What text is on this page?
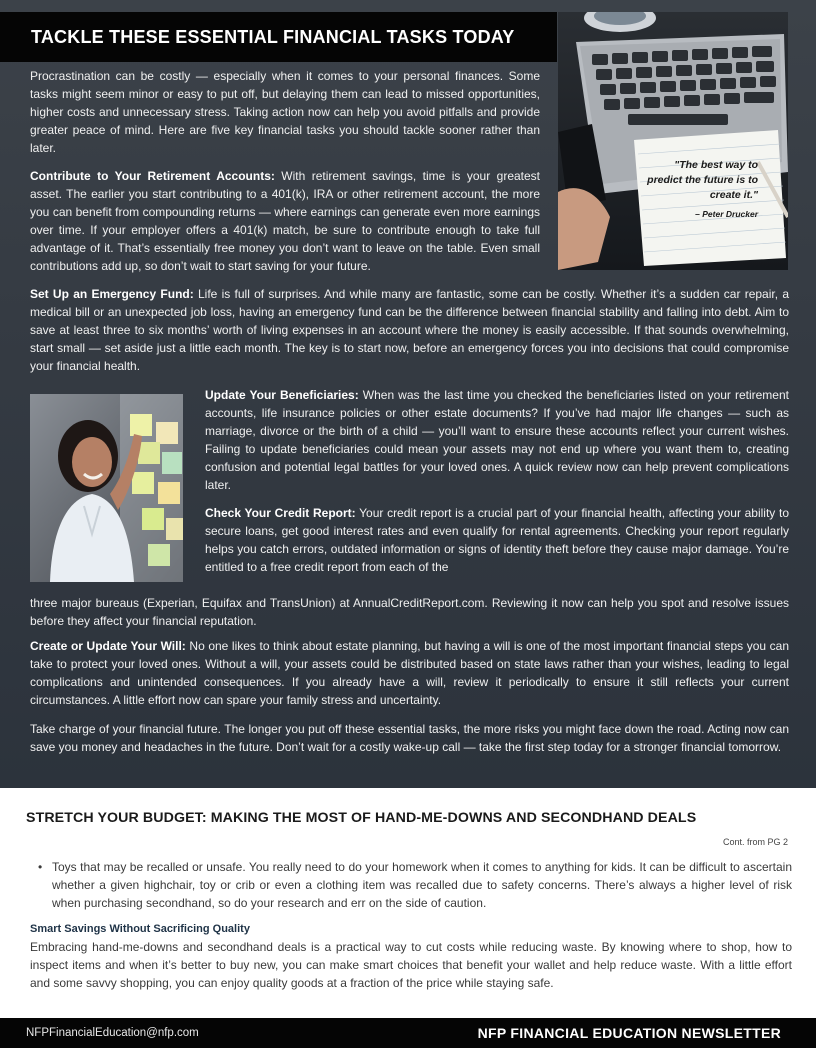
TACKLE THESE ESSENTIAL FINANCIAL TASKS TODAY
"The best way to predict the future is to create it."
– Peter Drucker

Procrastination can be costly — especially when it comes to your personal finances. Some tasks might seem minor or easy to put off, but delaying them can lead to missed opportunities, higher costs and unnecessary stress. Taking action now can help you avoid pitfalls and provide greater peace of mind. Here are five key financial tasks you should tackle sooner rather than later.

Contribute to Your Retirement Accounts: With retirement savings, time is your greatest asset. The earlier you start contributing to a 401(k), IRA or other retirement account, the more you can benefit from compounding returns — where earnings can generate even more earnings over time. If your employer offers a 401(k) match, be sure to contribute enough to take full advantage of it. That’s essentially free money you don’t want to leave on the table. Even small contributions add up, so don’t wait to start saving for your future.

Set Up an Emergency Fund: Life is full of surprises. And while many are fantastic, some can be costly. Whether it’s a sudden car repair, a medical bill or an unexpected job loss, having an emergency fund can be the difference between financial stability and falling into debt. Aim to save at least three to six months’ worth of living expenses in an account where the money is easily accessible. If that sounds overwhelming, start small — set aside just a little each month. The key is to start now, before an emergency forces you into decisions that could compromise your financial health.

Update Your Beneficiaries: When was the last time you checked the beneficiaries listed on your retirement accounts, life insurance policies or other estate documents? If you’ve had major life changes — such as marriage, divorce or the birth of a child — you’ll want to ensure these accounts reflect your current wishes. Failing to update beneficiaries could mean your assets may not end up where you want them to, creating confusion and potential legal battles for your loved ones. A quick review now can help prevent complications later.

Check Your Credit Report: Your credit report is a crucial part of your financial health, affecting your ability to secure loans, get good interest rates and even qualify for rental agreements. Checking your report regularly helps you catch errors, outdated information or signs of identity theft before they cause major damage. You’re entitled to a free credit report from each of the

three major bureaus (Experian, Equifax and TransUnion) at AnnualCreditReport.com. Reviewing it now can help you spot and resolve issues before they affect your financial reputation.

Create or Update Your Will: No one likes to think about estate planning, but having a will is one of the most important financial steps you can take to protect your loved ones. Without a will, your assets could be distributed based on state laws rather than your wishes, leading to legal complications and unintended consequences. If you already have a will, review it periodically to ensure it still reflects your current circumstances. A little effort now can spare your family stress and uncertainty.

Take charge of your financial future. The longer you put off these essential tasks, the more risks you might face down the road. Acting now can save you money and headaches in the future. Don’t wait for a costly wake-up call — take the first step today for a stronger financial tomorrow.

STRETCH YOUR BUDGET: MAKING THE MOST OF HAND-ME-DOWNS AND SECONDHAND DEALS
Cont. from PG 2

• Toys that may be recalled or unsafe. You really need to do your homework when it comes to anything for kids. It can be difficult to ascertain whether a given highchair, toy or crib or even a clothing item was recalled due to safety concerns. There’s always a higher level of risk when purchasing secondhand, so do your research and err on the side of caution.

Smart Savings Without Sacrificing Quality

Embracing hand-me-downs and secondhand deals is a practical way to cut costs while reducing waste. By knowing where to shop, how to inspect items and when it’s better to buy new, you can make smart choices that benefit your wallet and help reduce waste. With a little effort and some savvy shopping, you can enjoy quality goods at a fraction of the price while staying safe.

NFPFinancialEducation@nfp.com	NFP FINANCIAL EDUCATION NEWSLETTER
